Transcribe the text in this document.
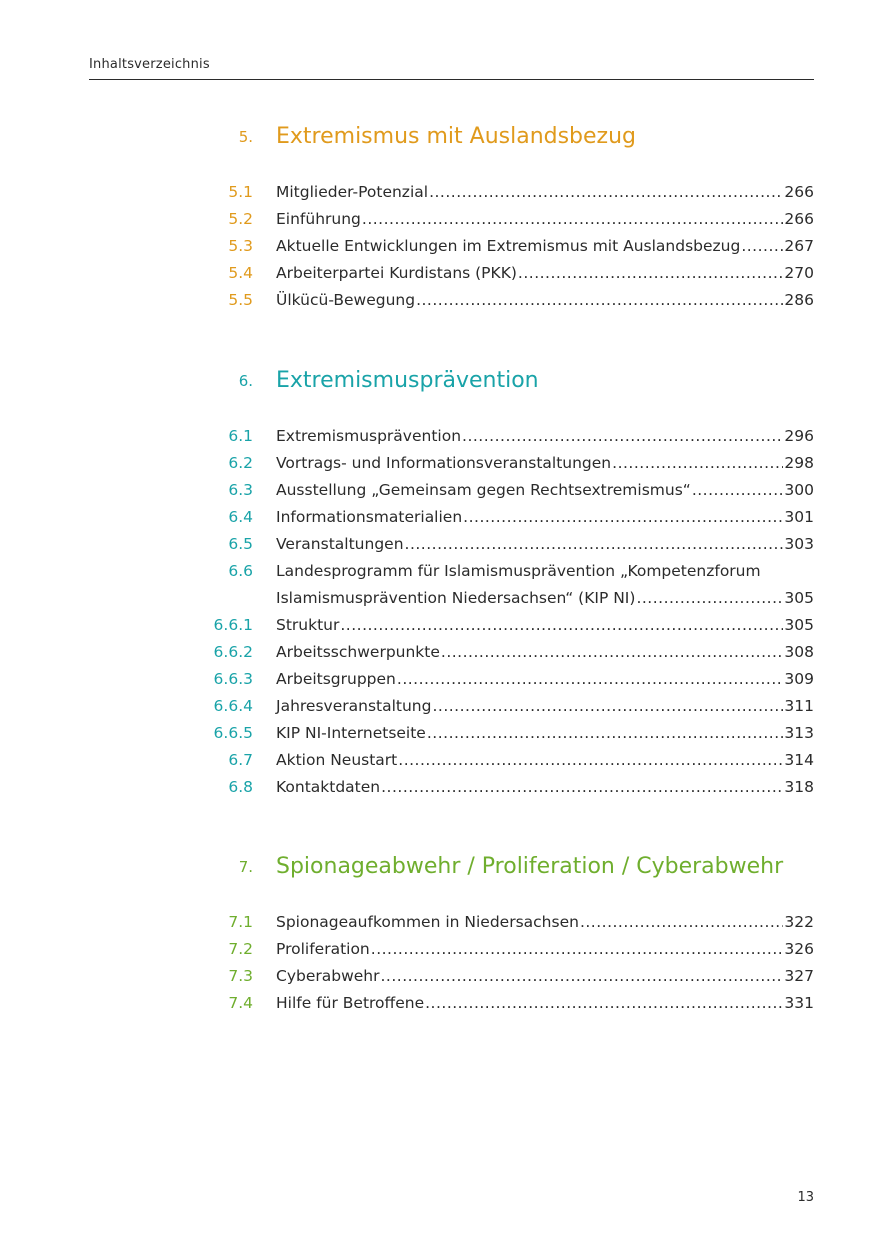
Inhaltsverzeichnis
5. Extremismus mit Auslandsbezug
5.1 Mitglieder-Potenzial .....	266
5.2 Einführung .....	266
5.3 Aktuelle Entwicklungen im Extremismus mit Auslandsbezug .....	267
5.4 Arbeiterpartei Kurdistans (PKK) .....	270
5.5 Ülkücü-Bewegung .....	286
6. Extremismusprävention
6.1 Extremismusprävention .....	296
6.2 Vortrags- und Informationsveranstaltungen .....	298
6.3 Ausstellung „Gemeinsam gegen Rechtsextremismus“ .....	300
6.4 Informationsmaterialien .....	301
6.5 Veranstaltungen .....	303
6.6 Landesprogramm für Islamismusprävention „Kompetenzforum
Islamismusprävention Niedersachsen“ (KIP NI) .....	305
6.6.1 Struktur .....	305
6.6.2 Arbeitsschwerpunkte .....	308
6.6.3 Arbeitsgruppen .....	309
6.6.4 Jahresveranstaltung .....	311
6.6.5 KIP NI-Internetseite .....	313
6.7 Aktion Neustart .....	314
6.8 Kontaktdaten .....	318
7. Spionageabwehr / Proliferation / Cyberabwehr
7.1 Spionageaufkommen in Niedersachsen .....	322
7.2 Proliferation .....	326
7.3 Cyberabwehr .....	327
7.4 Hilfe für Betroffene .....	331
13
